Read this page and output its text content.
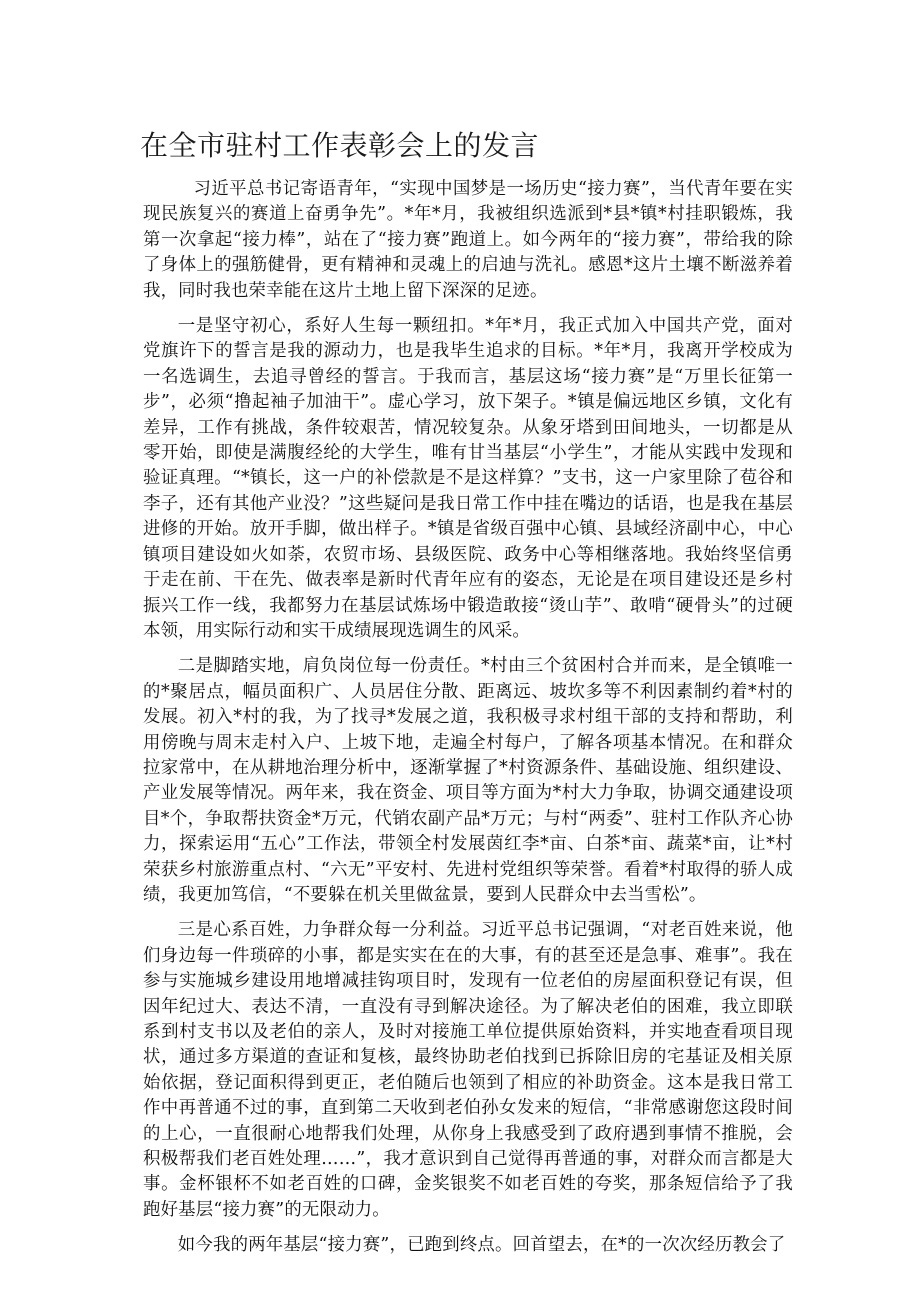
在全市驻村工作表彰会上的发言

习近平总书记寄语青年，“实现中国梦是一场历史“接力赛”，当代青年要在实现民族复兴的赛道上奋勇争先”。*年*月，我被组织选派到*县*镇*村挂职锻炼，我第一次拿起“接力棒”，站在了“接力赛”跑道上。如今两年的“接力赛”，带给我的除了身体上的强筋健骨，更有精神和灵魂上的启迪与洗礼。感恩*这片土壤不断滋养着我，同时我也荣幸能在这片土地上留下深深的足迹。

一是坚守初心，系好人生每一颗纽扣。*年*月，我正式加入中国共产党，面对党旗许下的誓言是我的源动力，也是我毕生追求的目标。*年*月，我离开学校成为一名选调生，去追寻曾经的誓言。于我而言，基层这场“接力赛”是“万里长征第一步”，必须“撸起袖子加油干”。虚心学习，放下架子。*镇是偏远地区乡镇，文化有差异，工作有挑战，条件较艰苦，情况较复杂。从象牙塔到田间地头，一切都是从零开始，即使是满腹经纶的大学生，唯有甘当基层“小学生”，才能从实践中发现和验证真理。“*镇长，这一户的补偿款是不是这样算？”支书，这一户家里除了苞谷和李子，还有其他产业没？”这些疑问是我日常工作中挂在嘴边的话语，也是我在基层进修的开始。放开手脚，做出样子。*镇是省级百强中心镇、县域经济副中心，中心镇项目建设如火如荼，农贸市场、县级医院、政务中心等相继落地。我始终坚信勇于走在前、干在先、做表率是新时代青年应有的姿态，无论是在项目建设还是乡村振兴工作一线，我都努力在基层试炼场中锻造敢接“烫山芋”、敢啃“硬骨头”的过硬本领，用实际行动和实干成绩展现选调生的风采。

二是脚踏实地，肩负岗位每一份责任。*村由三个贫困村合并而来，是全镇唯一的*聚居点，幅员面积广、人员居住分散、距离远、坡坎多等不利因素制约着*村的发展。初入*村的我，为了找寻*发展之道，我积极寻求村组干部的支持和帮助，利用傍晚与周末走村入户、上坡下地，走遍全村每户，了解各项基本情况。在和群众拉家常中，在从耕地治理分析中，逐渐掌握了*村资源条件、基础设施、组织建设、产业发展等情况。两年来，我在资金、项目等方面为*村大力争取，协调交通建设项目*个，争取帮扶资金*万元，代销农副产品*万元；与村“两委”、驻村工作队齐心协力，探索运用“五心”工作法，带领全村发展茵红李*亩、白茶*亩、蔬菜*亩，让*村荣获乡村旅游重点村、“六无”平安村、先进村党组织等荣誉。看着*村取得的骄人成绩，我更加笃信，“不要躲在机关里做盆景，要到人民群众中去当雪松”。

三是心系百姓，力争群众每一分利益。习近平总书记强调，“对老百姓来说，他们身边每一件琐碎的小事，都是实实在在的大事，有的甚至还是急事、难事”。我在参与实施城乡建设用地增减挂钩项目时，发现有一位老伯的房屋面积登记有误，但因年纪过大、表达不清，一直没有寻到解决途径。为了解决老伯的困难，我立即联系到村支书以及老伯的亲人，及时对接施工单位提供原始资料，并实地查看项目现状，通过多方渠道的查证和复核，最终协助老伯找到已拆除旧房的宅基证及相关原始依据，登记面积得到更正，老伯随后也领到了相应的补助资金。这本是我日常工作中再普通不过的事，直到第二天收到老伯孙女发来的短信，“非常感谢您这段时间的上心，一直很耐心地帮我们处理，从你身上我感受到了政府遇到事情不推脱，会积极帮我们老百姓处理……”，我才意识到自己觉得再普通的事，对群众而言都是大事。金杯银杯不如老百姓的口碑，金奖银奖不如老百姓的夸奖，那条短信给予了我跑好基层“接力赛”的无限动力。

如今我的两年基层“接力赛”，已跑到终点。回首望去，在*的一次次经历教会了
